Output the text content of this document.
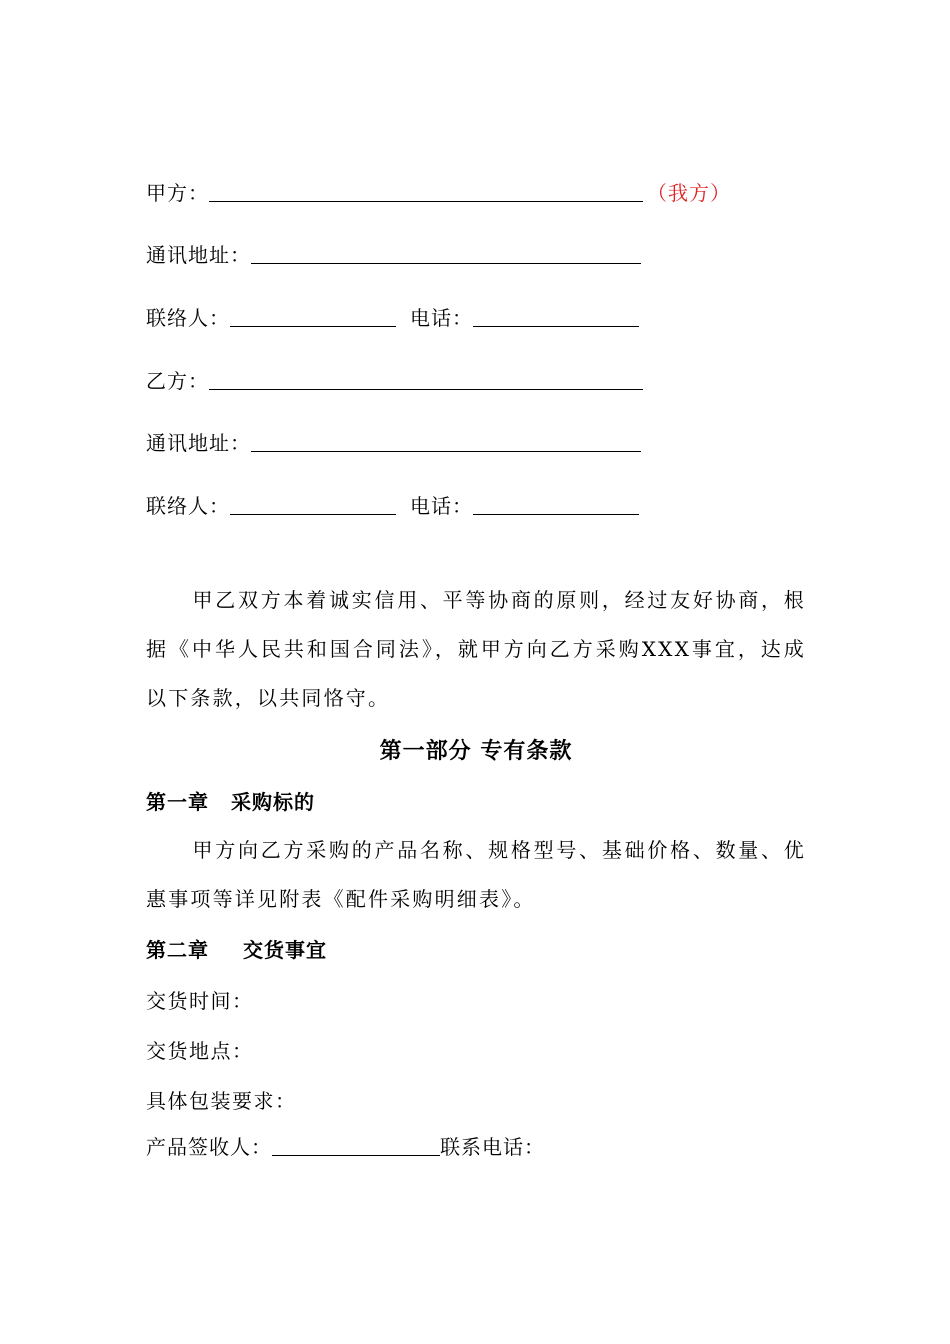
甲方：	（我方）
通讯地址：
联络人：	电话：
乙方：
通讯地址：
联络人：	电话：
甲乙双方本着诚实信用、平等协商的原则，经过友好协商，根据《中华人民共和国合同法》，就甲方向乙方采购XXX事宜，达成以下条款，以共同恪守。
第一部分 专有条款
第一章 采购标的
甲方向乙方采购的产品名称、规格型号、基础价格、数量、优惠事项等详见附表《配件采购明细表》。
第二章 交货事宜
交货时间：
交货地点：
具体包装要求：
产品签收人：	联系电话：
